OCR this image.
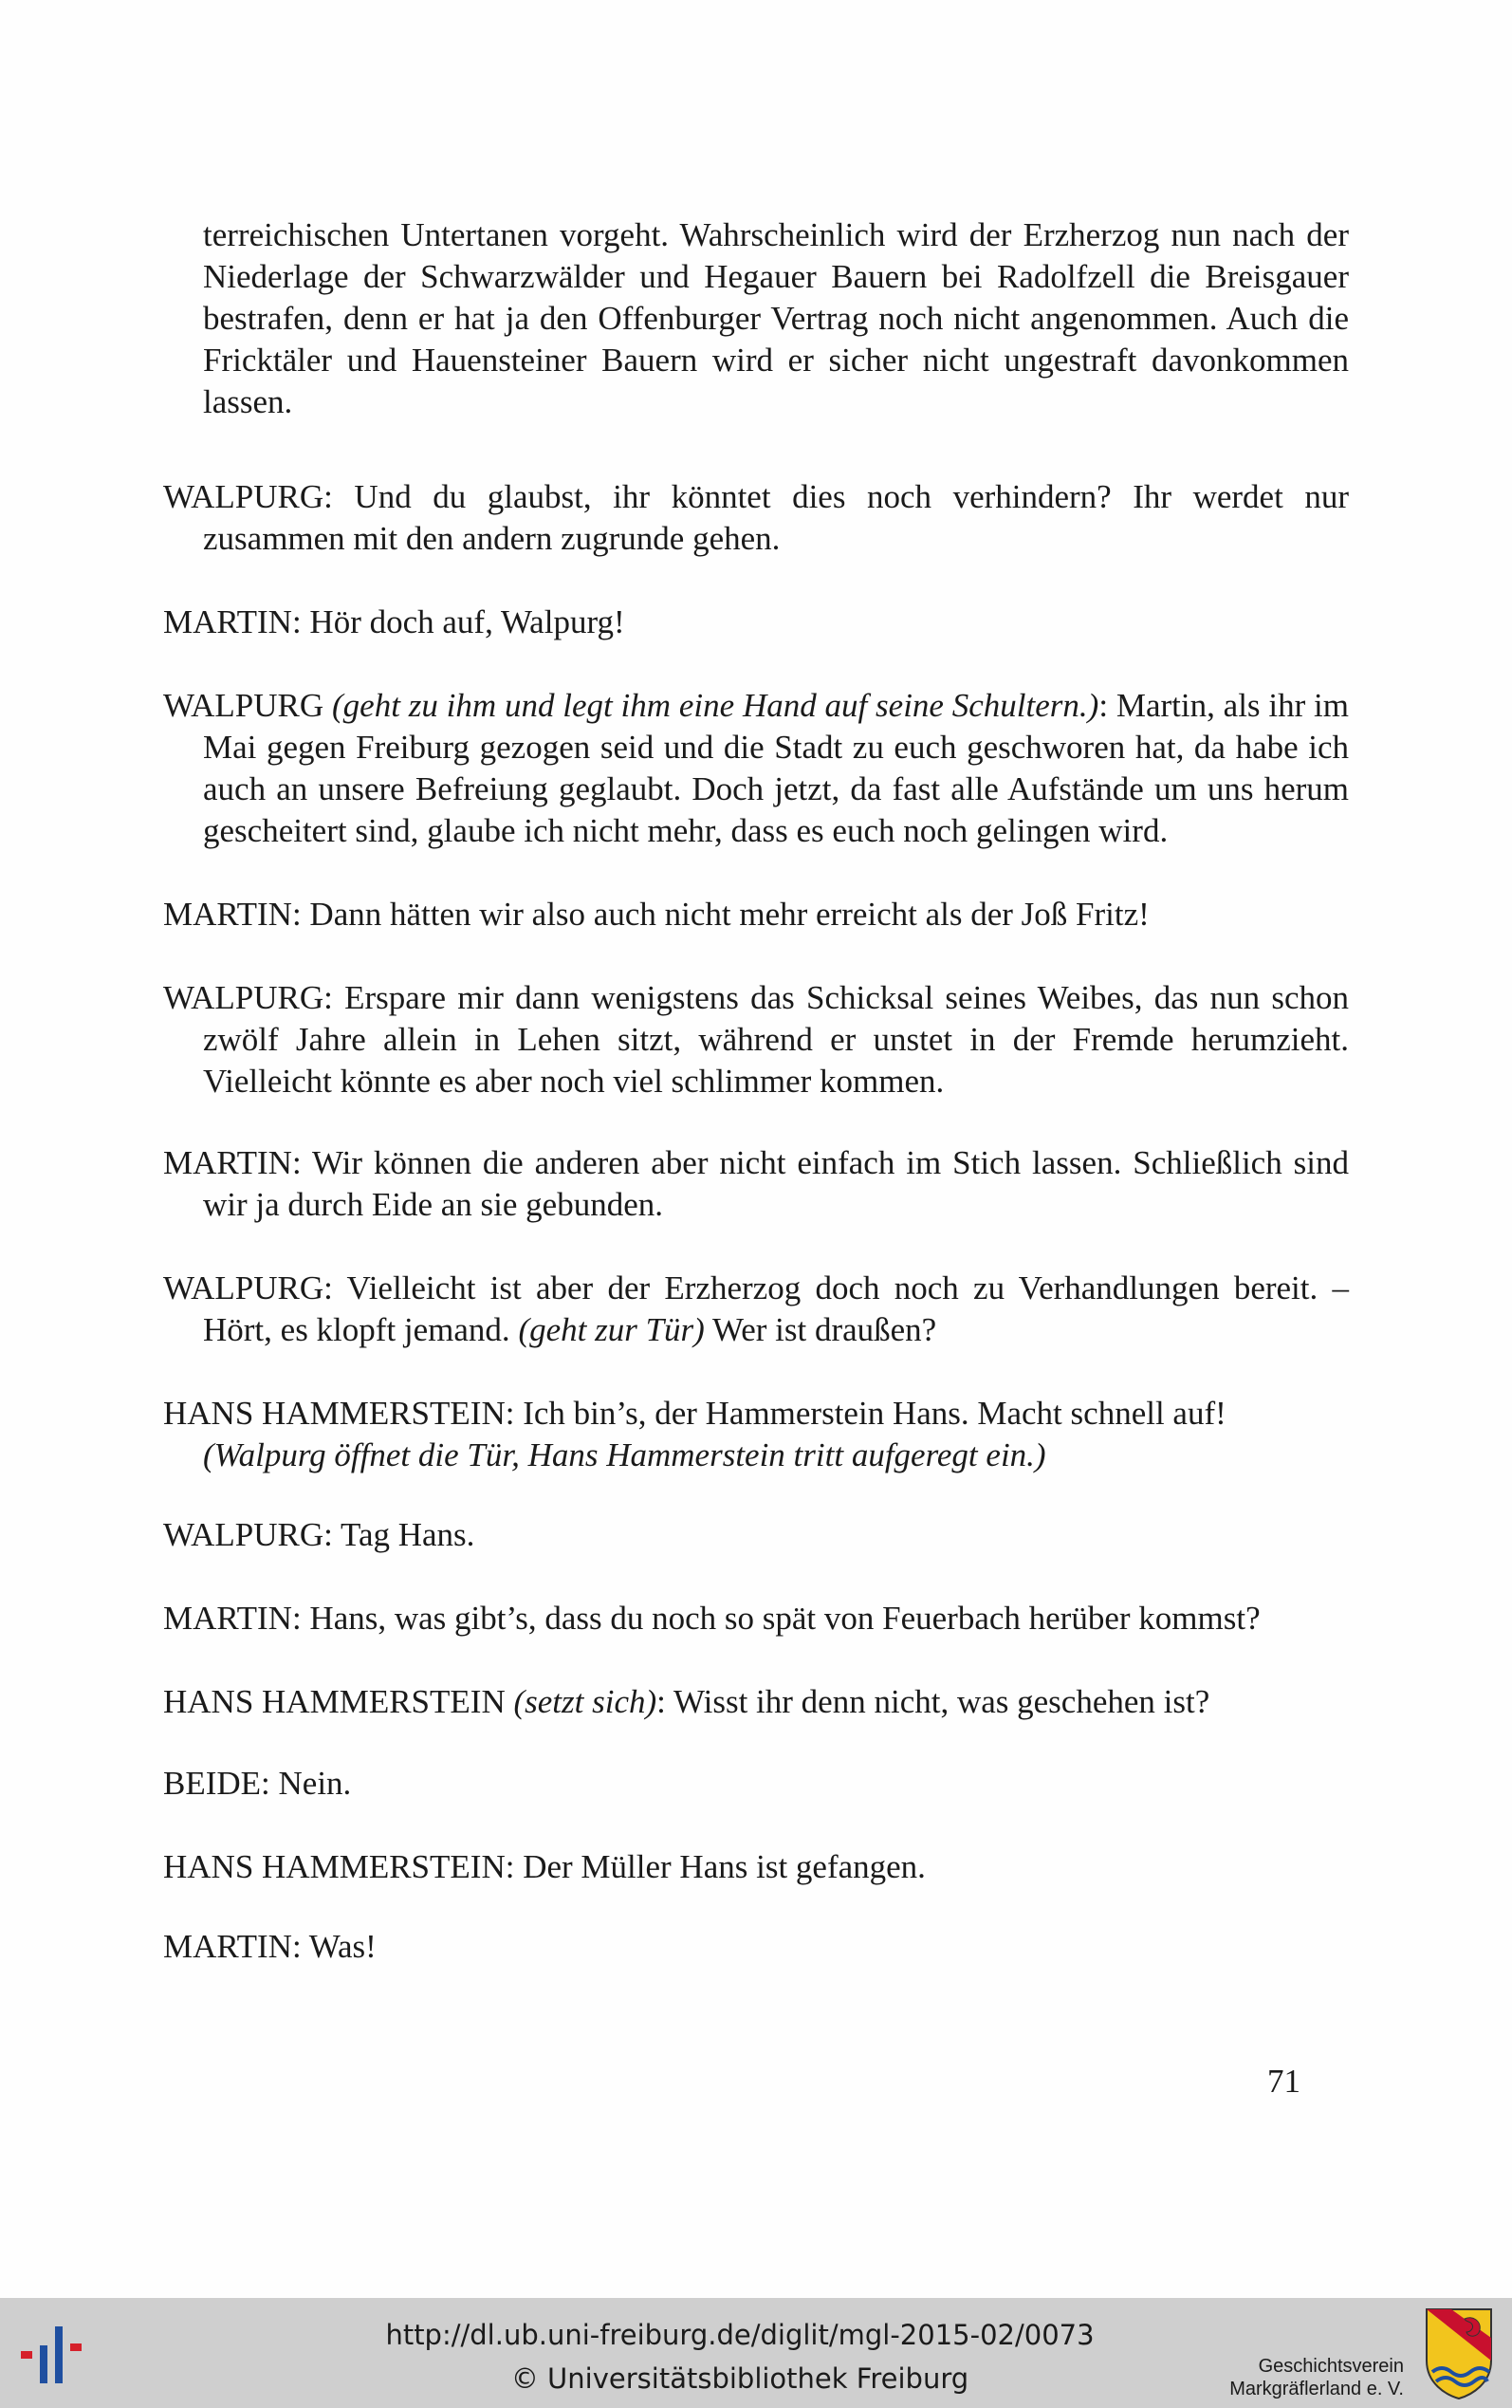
terreichischen Untertanen vorgeht. Wahrscheinlich wird der Erzherzog nun nach der Niederlage der Schwarzwälder und Hegauer Bauern bei Radolfzell die Breisgauer bestrafen, denn er hat ja den Offenburger Vertrag noch nicht angenommen. Auch die Fricktäler und Hauensteiner Bauern wird er sicher nicht ungestraft davonkommen lassen.

WALPURG: Und du glaubst, ihr könntet dies noch verhindern? Ihr werdet nur zusammen mit den andern zugrunde gehen.

MARTIN: Hör doch auf, Walpurg!

WALPURG (geht zu ihm und legt ihm eine Hand auf seine Schultern.): Martin, als ihr im Mai gegen Freiburg gezogen seid und die Stadt zu euch geschworen hat, da habe ich auch an unsere Befreiung geglaubt. Doch jetzt, da fast alle Aufstände um uns herum gescheitert sind, glaube ich nicht mehr, dass es euch noch gelingen wird.

MARTIN: Dann hätten wir also auch nicht mehr erreicht als der Joß Fritz!

WALPURG: Erspare mir dann wenigstens das Schicksal seines Weibes, das nun schon zwölf Jahre allein in Lehen sitzt, während er unstet in der Fremde herumzieht. Vielleicht könnte es aber noch viel schlimmer kommen.

MARTIN: Wir können die anderen aber nicht einfach im Stich lassen. Schließlich sind wir ja durch Eide an sie gebunden.

WALPURG: Vielleicht ist aber der Erzherzog doch noch zu Verhandlungen bereit. – Hört, es klopft jemand. (geht zur Tür) Wer ist draußen?

HANS HAMMERSTEIN: Ich bin’s, der Hammerstein Hans. Macht schnell auf!

(Walpurg öffnet die Tür, Hans Hammerstein tritt aufgeregt ein.)

WALPURG: Tag Hans.

MARTIN: Hans, was gibt’s, dass du noch so spät von Feuerbach herüber kommst?

HANS HAMMERSTEIN (setzt sich): Wisst ihr denn nicht, was geschehen ist?

BEIDE: Nein.

HANS HAMMERSTEIN: Der Müller Hans ist gefangen.

MARTIN: Was!

71
http://dl.ub.uni-freiburg.de/diglit/mgl-2015-02/0073
© Universitätsbibliothek Freiburg	Geschichtsverein
Markgräflerland e. V.
